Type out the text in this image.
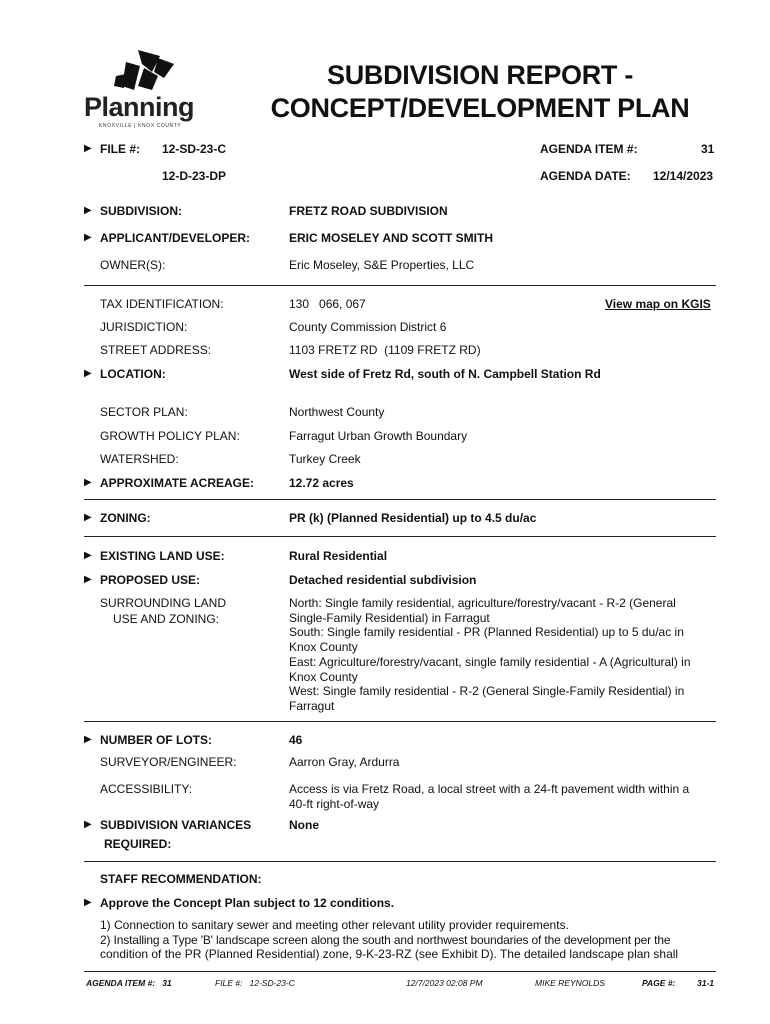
Planning
KNOXVILLE | KNOX COUNTY
SUBDIVISION REPORT -
CONCEPT/DEVELOPMENT PLAN
▶ FILE #: 12-SD-23-C
12-D-23-DP
AGENDA ITEM #:	31
AGENDA DATE: 12/14/2023
▶ SUBDIVISION:	FRETZ ROAD SUBDIVISION
▶ APPLICANT/DEVELOPER:	ERIC MOSELEY AND SCOTT SMITH
OWNER(S):	Eric Moseley, S&E Properties, LLC
TAX IDENTIFICATION:	130   066, 067	View map on KGIS
JURISDICTION:	County Commission District 6
STREET ADDRESS:	1103 FRETZ RD  (1109 FRETZ RD)
▶ LOCATION:	West side of Fretz Rd, south of N. Campbell Station Rd
SECTOR PLAN:	Northwest County
GROWTH POLICY PLAN:	Farragut Urban Growth Boundary
WATERSHED:	Turkey Creek
▶ APPROXIMATE ACREAGE:	12.72 acres
▶ ZONING:	PR (k) (Planned Residential) up to 4.5 du/ac
▶ EXISTING LAND USE:	Rural Residential
▶ PROPOSED USE:	Detached residential subdivision
SURROUNDING LAND
USE AND ZONING:
North: Single family residential, agriculture/forestry/vacant - R-2 (General
Single-Family Residential) in Farragut
South: Single family residential - PR (Planned Residential) up to 5 du/ac in
Knox County
East: Agriculture/forestry/vacant, single family residential - A (Agricultural) in
Knox County
West: Single family residential - R-2 (General Single-Family Residential) in
Farragut
▶ NUMBER OF LOTS:	46
SURVEYOR/ENGINEER:	Aarron Gray, Ardurra
ACCESSIBILITY:	Access is via Fretz Road, a local street with a 24-ft pavement width within a
40-ft right-of-way
▶ SUBDIVISION VARIANCES
REQUIRED:
None
STAFF RECOMMENDATION:
▶ Approve the Concept Plan subject to 12 conditions.
1) Connection to sanitary sewer and meeting other relevant utility provider requirements.
2) Installing a Type 'B' landscape screen along the south and northwest boundaries of the development per the
condition of the PR (Planned Residential) zone, 9-K-23-RZ (see Exhibit D). The detailed landscape plan shall
AGENDA ITEM #:   31	FILE #:   12-SD-23-C	12/7/2023 02:08 PM	MIKE REYNOLDS	PAGE #:	31-1
